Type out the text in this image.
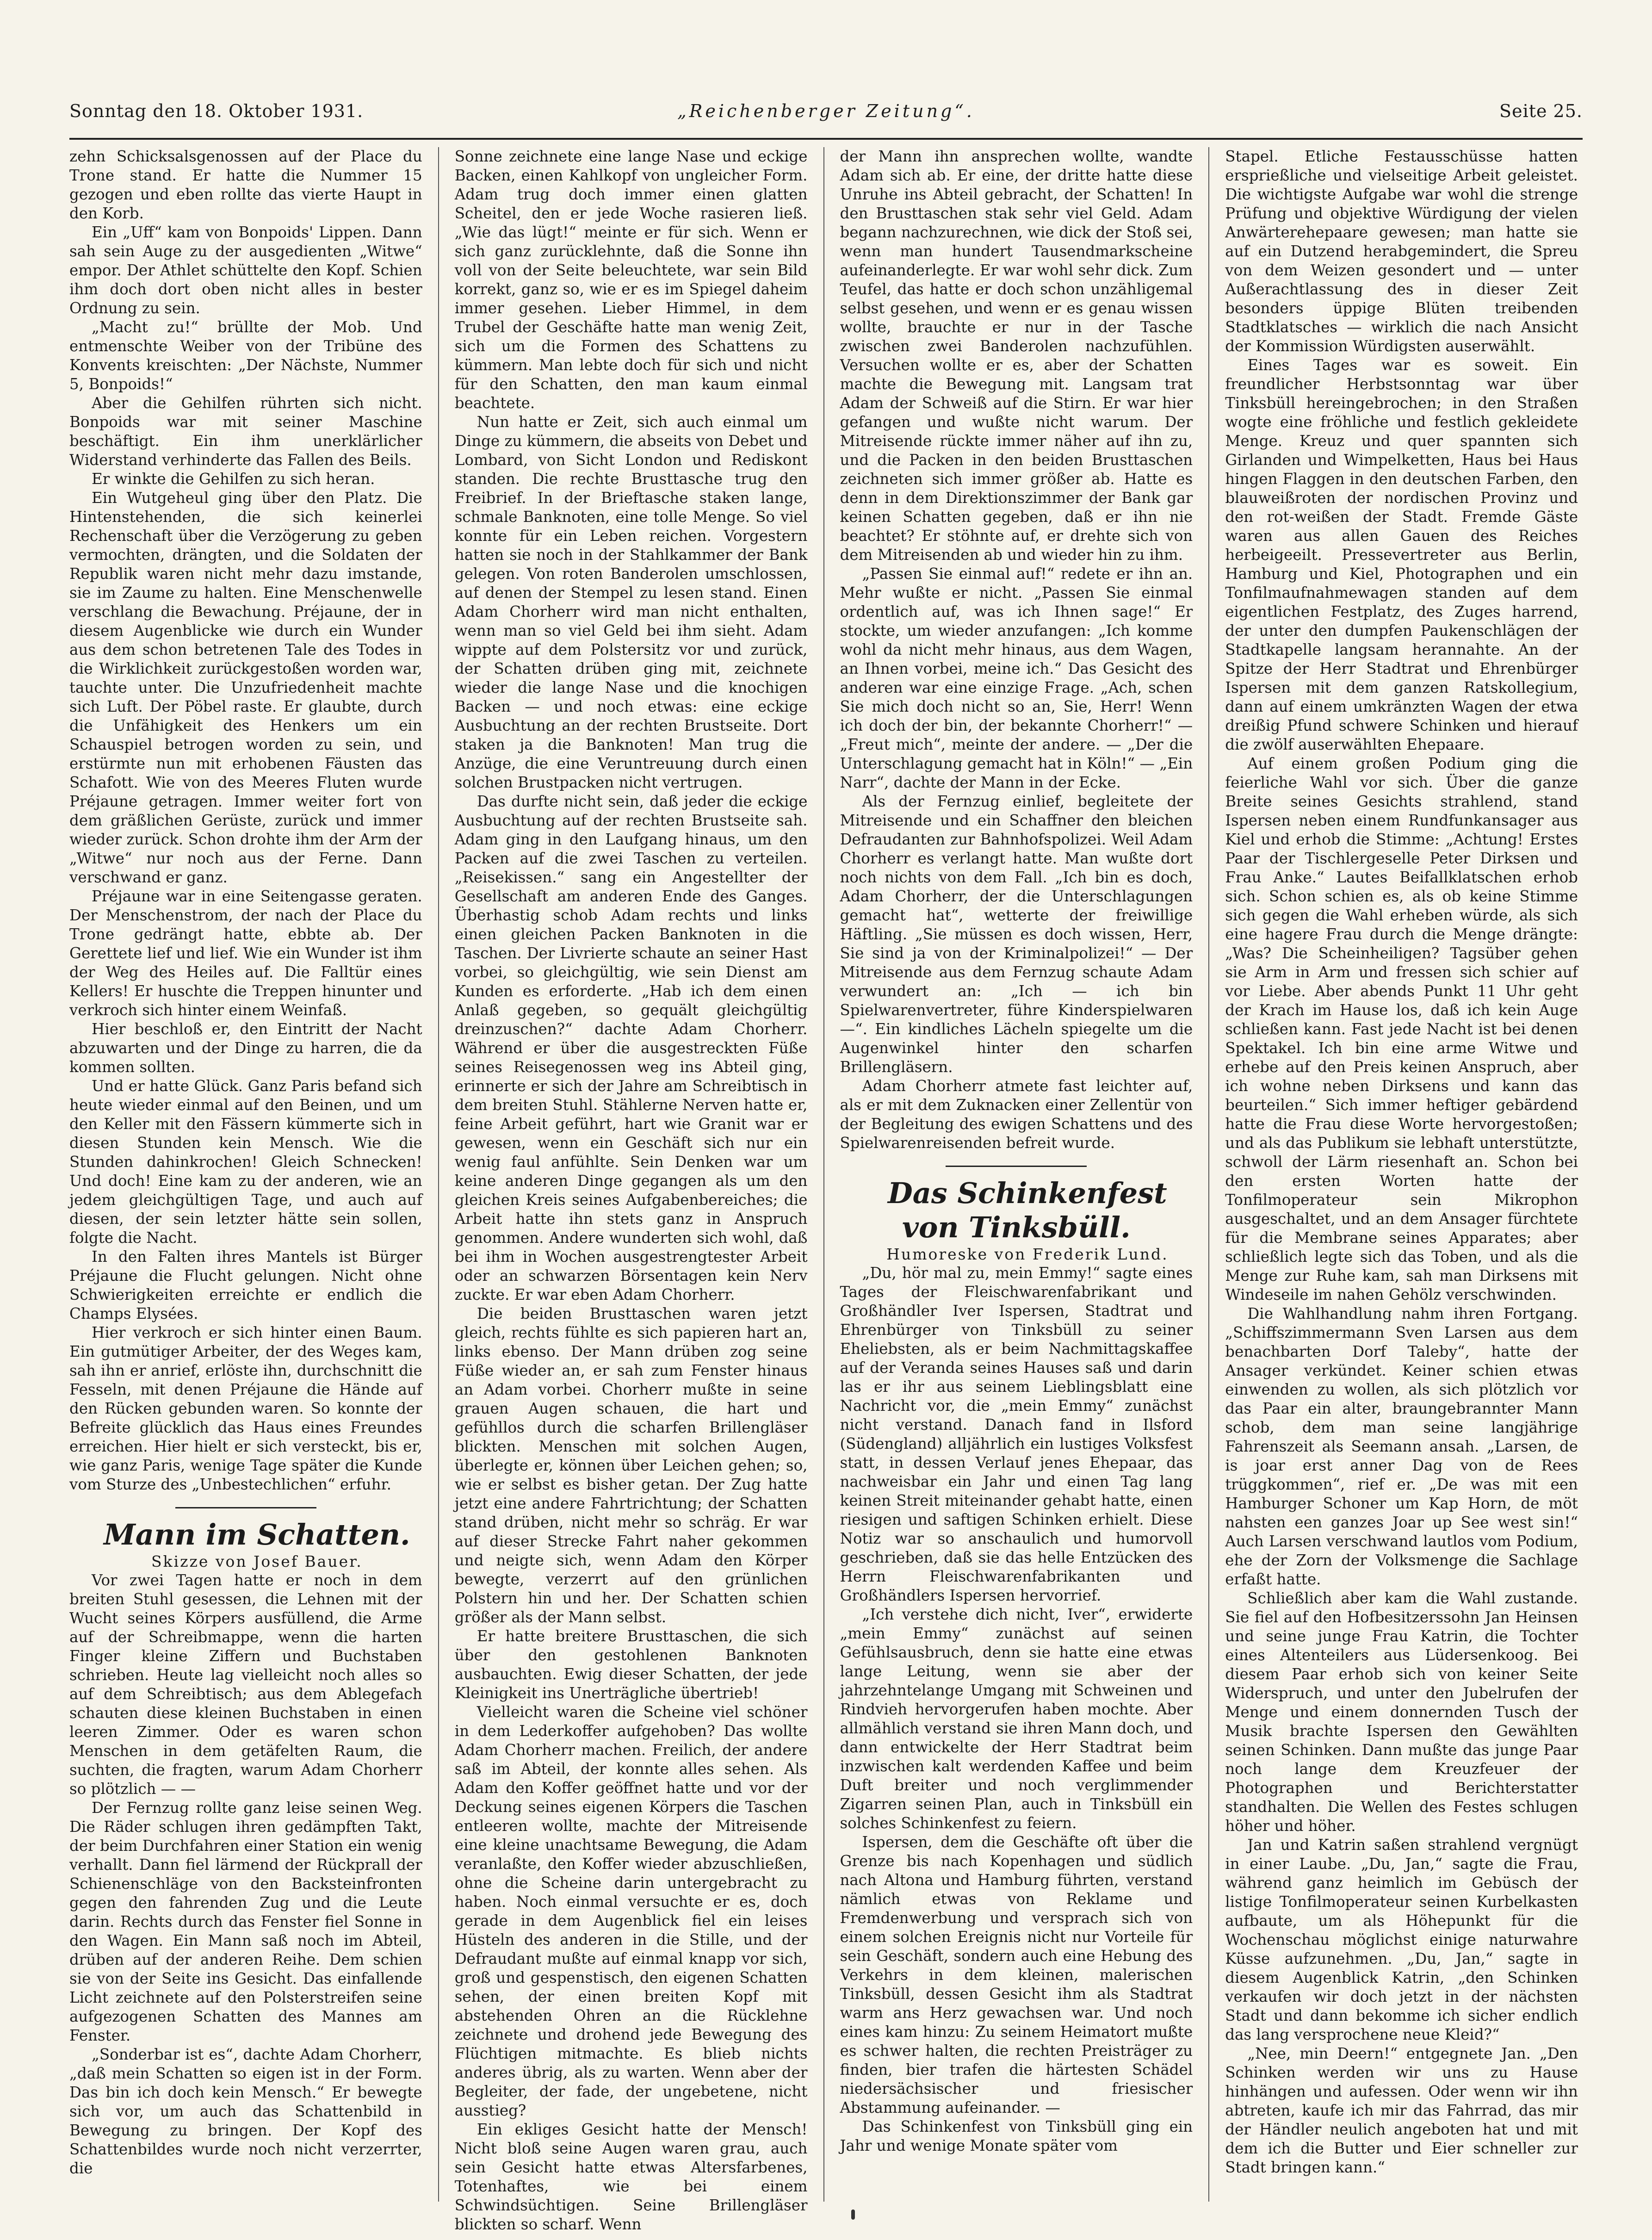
Sonntag den 18. Oktober 1931.	„Reichenberger Zeitung“.	Seite 25.

zehn Schicksalsgenossen auf der Place du Trone stand. Er hatte die Nummer 15 gezogen und eben rollte das vierte Haupt in den Korb.

Ein „Uff“ kam von Bonpoids' Lippen. Dann sah sein Auge zu der ausgedienten „Witwe“ empor. Der Athlet schüttelte den Kopf. Schien ihm doch dort oben nicht alles in bester Ordnung zu sein.

„Macht zu!“ brüllte der Mob. Und entmenschte Weiber von der Tribüne des Konvents kreischten: „Der Nächste, Nummer 5, Bonpoids!“

Aber die Gehilfen rührten sich nicht. Bonpoids war mit seiner Maschine beschäftigt. Ein ihm unerklärlicher Widerstand verhinderte das Fallen des Beils.

Er winkte die Gehilfen zu sich heran.

Ein Wutgeheul ging über den Platz. Die Hintenstehenden, die sich keinerlei Rechenschaft über die Verzögerung zu geben vermochten, drängten, und die Soldaten der Republik waren nicht mehr dazu imstande, sie im Zaume zu halten. Eine Menschenwelle verschlang die Bewachung. Préjaune, der in diesem Augenblicke wie durch ein Wunder aus dem schon betretenen Tale des Todes in die Wirklichkeit zurückgestoßen worden war, tauchte unter. Die Unzufriedenheit machte sich Luft. Der Pöbel raste. Er glaubte, durch die Unfähigkeit des Henkers um ein Schauspiel betrogen worden zu sein, und erstürmte nun mit erhobenen Fäusten das Schafott. Wie von des Meeres Fluten wurde Préjaune getragen. Immer weiter fort von dem gräßlichen Gerüste, zurück und immer wieder zurück. Schon drohte ihm der Arm der „Witwe“ nur noch aus der Ferne. Dann verschwand er ganz.

Préjaune war in eine Seitengasse geraten. Der Menschenstrom, der nach der Place du Trone gedrängt hatte, ebbte ab. Der Gerettete lief und lief. Wie ein Wunder ist ihm der Weg des Heiles auf. Die Falltür eines Kellers! Er huschte die Treppen hinunter und verkroch sich hinter einem Weinfaß.

Hier beschloß er, den Eintritt der Nacht abzuwarten und der Dinge zu harren, die da kommen sollten.

Und er hatte Glück. Ganz Paris befand sich heute wieder einmal auf den Beinen, und um den Keller mit den Fässern kümmerte sich in diesen Stunden kein Mensch. Wie die Stunden dahinkrochen! Gleich Schnecken! Und doch! Eine kam zu der anderen, wie an jedem gleichgültigen Tage, und auch auf diesen, der sein letzter hätte sein sollen, folgte die Nacht.

In den Falten ihres Mantels ist Bürger Préjaune die Flucht gelungen. Nicht ohne Schwierigkeiten erreichte er endlich die Champs Elysées.

Hier verkroch er sich hinter einen Baum. Ein gutmütiger Arbeiter, der des Weges kam, sah ihn er anrief, erlöste ihn, durchschnitt die Fesseln, mit denen Préjaune die Hände auf den Rücken gebunden waren. So konnte der Befreite glücklich das Haus eines Freundes erreichen. Hier hielt er sich versteckt, bis er, wie ganz Paris, wenige Tage später die Kunde vom Sturze des „Unbestechlichen“ erfuhr.

Mann im Schatten.

Skizze von Josef Bauer.

Vor zwei Tagen hatte er noch in dem breiten Stuhl gesessen, die Lehnen mit der Wucht seines Körpers ausfüllend, die Arme auf der Schreibmappe, wenn die harten Finger kleine Ziffern und Buchstaben schrieben. Heute lag vielleicht noch alles so auf dem Schreibtisch; aus dem Ablegefach schauten diese kleinen Buchstaben in einen leeren Zimmer. Oder es waren schon Menschen in dem getäfelten Raum, die suchten, die fragten, warum Adam Chorherr so plötzlich — —

Der Fernzug rollte ganz leise seinen Weg. Die Räder schlugen ihren gedämpften Takt, der beim Durchfahren einer Station ein wenig verhallt. Dann fiel lärmend der Rückprall der Schienenschläge von den Backsteinfronten gegen den fahrenden Zug und die Leute darin. Rechts durch das Fenster fiel Sonne in den Wagen. Ein Mann saß noch im Abteil, drüben auf der anderen Reihe. Dem schien sie von der Seite ins Gesicht. Das einfallende Licht zeichnete auf den Polsterstreifen seine aufgezogenen Schatten des Mannes am Fenster.

„Sonderbar ist es“, dachte Adam Chorherr, „daß mein Schatten so eigen ist in der Form. Das bin ich doch kein Mensch.“ Er bewegte sich vor, um auch das Schattenbild in Bewegung zu bringen. Der Kopf des Schattenbildes wurde noch nicht verzerrter, die

Sonne zeichnete eine lange Nase und eckige Backen, einen Kahlkopf von ungleicher Form. Adam trug doch immer einen glatten Scheitel, den er jede Woche rasieren ließ. „Wie das lügt!“ meinte er für sich. Wenn er sich ganz zurücklehnte, daß die Sonne ihn voll von der Seite beleuchtete, war sein Bild korrekt, ganz so, wie er es im Spiegel daheim immer gesehen. Lieber Himmel, in dem Trubel der Geschäfte hatte man wenig Zeit, sich um die Formen des Schattens zu kümmern. Man lebte doch für sich und nicht für den Schatten, den man kaum einmal beachtete.

Nun hatte er Zeit, sich auch einmal um Dinge zu kümmern, die abseits von Debet und Lombard, von Sicht London und Rediskont standen. Die rechte Brusttasche trug den Freibrief. In der Brieftasche staken lange, schmale Banknoten, eine tolle Menge. So viel konnte für ein Leben reichen. Vorgestern hatten sie noch in der Stahlkammer der Bank gelegen. Von roten Banderolen umschlossen, auf denen der Stempel zu lesen stand. Einen Adam Chorherr wird man nicht enthalten, wenn man so viel Geld bei ihm sieht. Adam wippte auf dem Polstersitz vor und zurück, der Schatten drüben ging mit, zeichnete wieder die lange Nase und die knochigen Backen — und noch etwas: eine eckige Ausbuchtung an der rechten Brustseite. Dort staken ja die Banknoten! Man trug die Anzüge, die eine Veruntreuung durch einen solchen Brustpacken nicht vertrugen.

Das durfte nicht sein, daß jeder die eckige Ausbuchtung auf der rechten Brustseite sah. Adam ging in den Laufgang hinaus, um den Packen auf die zwei Taschen zu verteilen. „Reisekissen.“ sang ein Angestellter der Gesellschaft am anderen Ende des Ganges. Überhastig schob Adam rechts und links einen gleichen Packen Banknoten in die Taschen. Der Livrierte schaute an seiner Hast vorbei, so gleichgültig, wie sein Dienst am Kunden es erforderte. „Hab ich dem einen Anlaß gegeben, so gequält gleichgültig dreinzuschen?“ dachte Adam Chorherr. Während er über die ausgestreckten Füße seines Reisegenossen weg ins Abteil ging, erinnerte er sich der Jahre am Schreibtisch in dem breiten Stuhl. Stählerne Nerven hatte er, feine Arbeit geführt, hart wie Granit war er gewesen, wenn ein Geschäft sich nur ein wenig faul anfühlte. Sein Denken war um keine anderen Dinge gegangen als um den gleichen Kreis seines Aufgabenbereiches; die Arbeit hatte ihn stets ganz in Anspruch genommen. Andere wunderten sich wohl, daß bei ihm in Wochen ausgestrengtester Arbeit oder an schwarzen Börsentagen kein Nerv zuckte. Er war eben Adam Chorherr.

Die beiden Brusttaschen waren jetzt gleich, rechts fühlte es sich papieren hart an, links ebenso. Der Mann drüben zog seine Füße wieder an, er sah zum Fenster hinaus an Adam vorbei. Chorherr mußte in seine grauen Augen schauen, die hart und gefühllos durch die scharfen Brillengläser blickten. Menschen mit solchen Augen, überlegte er, können über Leichen gehen; so, wie er selbst es bisher getan. Der Zug hatte jetzt eine andere Fahrtrichtung; der Schatten stand drüben, nicht mehr so schräg. Er war auf dieser Strecke Fahrt naher gekommen und neigte sich, wenn Adam den Körper bewegte, verzerrt auf den grünlichen Polstern hin und her. Der Schatten schien größer als der Mann selbst.

Er hatte breitere Brusttaschen, die sich über den gestohlenen Banknoten ausbauchten. Ewig dieser Schatten, der jede Kleinigkeit ins Unerträgliche übertrieb!

Vielleicht waren die Scheine viel schöner in dem Lederkoffer aufgehoben? Das wollte Adam Chorherr machen. Freilich, der andere saß im Abteil, der konnte alles sehen. Als Adam den Koffer geöffnet hatte und vor der Deckung seines eigenen Körpers die Taschen entleeren wollte, machte der Mitreisende eine kleine unachtsame Bewegung, die Adam veranlaßte, den Koffer wieder abzuschließen, ohne die Scheine darin untergebracht zu haben. Noch einmal versuchte er es, doch gerade in dem Augenblick fiel ein leises Hüsteln des anderen in die Stille, und der Defraudant mußte auf einmal knapp vor sich, groß und gespenstisch, den eigenen Schatten sehen, der einen breiten Kopf mit abstehenden Ohren an die Rücklehne zeichnete und drohend jede Bewegung des Flüchtigen mitmachte. Es blieb nichts anderes übrig, als zu warten. Wenn aber der Begleiter, der fade, der ungebetene, nicht ausstieg?

Ein ekliges Gesicht hatte der Mensch! Nicht bloß seine Augen waren grau, auch sein Gesicht hatte etwas Altersfarbenes, Totenhaftes, wie bei einem Schwindsüchtigen. Seine Brillengläser blickten so scharf. Wenn

der Mann ihn ansprechen wollte, wandte Adam sich ab. Er eine, der dritte hatte diese Unruhe ins Abteil gebracht, der Schatten! In den Brusttaschen stak sehr viel Geld. Adam begann nachzurechnen, wie dick der Stoß sei, wenn man hundert Tausendmarkscheine aufeinanderlegte. Er war wohl sehr dick. Zum Teufel, das hatte er doch schon unzähligemal selbst gesehen, und wenn er es genau wissen wollte, brauchte er nur in der Tasche zwischen zwei Banderolen nachzufühlen. Versuchen wollte er es, aber der Schatten machte die Bewegung mit. Langsam trat Adam der Schweiß auf die Stirn. Er war hier gefangen und wußte nicht warum. Der Mitreisende rückte immer näher auf ihn zu, und die Packen in den beiden Brusttaschen zeichneten sich immer größer ab. Hatte es denn in dem Direktionszimmer der Bank gar keinen Schatten gegeben, daß er ihn nie beachtet? Er stöhnte auf, er drehte sich von dem Mitreisenden ab und wieder hin zu ihm.

„Passen Sie einmal auf!“ redete er ihn an. Mehr wußte er nicht. „Passen Sie einmal ordentlich auf, was ich Ihnen sage!“ Er stockte, um wieder anzufangen: „Ich komme wohl da nicht mehr hinaus, aus dem Wagen, an Ihnen vorbei, meine ich.“ Das Gesicht des anderen war eine einzige Frage. „Ach, schen Sie mich doch nicht so an, Sie, Herr! Wenn ich doch der bin, der bekannte Chorherr!“ — „Freut mich“, meinte der andere. — „Der die Unterschlagung gemacht hat in Köln!“ — „Ein Narr“, dachte der Mann in der Ecke.

Als der Fernzug einlief, begleitete der Mitreisende und ein Schaffner den bleichen Defraudanten zur Bahnhofspolizei. Weil Adam Chorherr es verlangt hatte. Man wußte dort noch nichts von dem Fall. „Ich bin es doch, Adam Chorherr, der die Unterschlagungen gemacht hat“, wetterte der freiwillige Häftling. „Sie müssen es doch wissen, Herr, Sie sind ja von der Kriminalpolizei!“ — Der Mitreisende aus dem Fernzug schaute Adam verwundert an: „Ich — ich bin Spielwarenvertreter, führe Kinderspielwaren —“. Ein kindliches Lächeln spiegelte um die Augenwinkel hinter den scharfen Brillengläsern.

Adam Chorherr atmete fast leichter auf, als er mit dem Zuknacken einer Zellentür von der Begleitung des ewigen Schattens und des Spielwarenreisenden befreit wurde.

Das Schinkenfest von Tinksbüll.

Humoreske von Frederik Lund.

„Du, hör mal zu, mein Emmy!“ sagte eines Tages der Fleischwarenfabrikant und Großhändler Iver Ispersen, Stadtrat und Ehrenbürger von Tinksbüll zu seiner Eheliebsten, als er beim Nachmittagskaffee auf der Veranda seines Hauses saß und darin las er ihr aus seinem Lieblingsblatt eine Nachricht vor, die „mein Emmy“ zunächst nicht verstand. Danach fand in Ilsford (Südengland) alljährlich ein lustiges Volksfest statt, in dessen Verlauf jenes Ehepaar, das nachweisbar ein Jahr und einen Tag lang keinen Streit miteinander gehabt hatte, einen riesigen und saftigen Schinken erhielt. Diese Notiz war so anschaulich und humorvoll geschrieben, daß sie das helle Entzücken des Herrn Fleischwarenfabrikanten und Großhändlers Ispersen hervorrief.

„Ich verstehe dich nicht, Iver“, erwiderte „mein Emmy“ zunächst auf seinen Gefühlsausbruch, denn sie hatte eine etwas lange Leitung, wenn sie aber der jahrzehntelange Umgang mit Schweinen und Rindvieh hervorgerufen haben mochte. Aber allmählich verstand sie ihren Mann doch, und dann entwickelte der Herr Stadtrat beim inzwischen kalt werdenden Kaffee und beim Duft breiter und noch verglimmender Zigarren seinen Plan, auch in Tinksbüll ein solches Schinkenfest zu feiern.

Ispersen, dem die Geschäfte oft über die Grenze bis nach Kopenhagen und südlich nach Altona und Hamburg führten, verstand nämlich etwas von Reklame und Fremdenwerbung und versprach sich von einem solchen Ereignis nicht nur Vorteile für sein Geschäft, sondern auch eine Hebung des Verkehrs in dem kleinen, malerischen Tinksbüll, dessen Gesicht ihm als Stadtrat warm ans Herz gewachsen war. Und noch eines kam hinzu: Zu seinem Heimatort mußte es schwer halten, die rechten Preisträger zu finden, bier trafen die härtesten Schädel niedersächsischer und friesischer Abstammung aufeinander. —

Das Schinkenfest von Tinksbüll ging ein Jahr und wenige Monate später vom

Stapel. Etliche Festausschüsse hatten ersprießliche und vielseitige Arbeit geleistet. Die wichtigste Aufgabe war wohl die strenge Prüfung und objektive Würdigung der vielen Anwärterehepaare gewesen; man hatte sie auf ein Dutzend herabgemindert, die Spreu von dem Weizen gesondert und — unter Außerachtlassung des in dieser Zeit besonders üppige Blüten treibenden Stadtklatsches — wirklich die nach Ansicht der Kommission Würdigsten auserwählt.

Eines Tages war es soweit. Ein freundlicher Herbstsonntag war über Tinksbüll hereingebrochen; in den Straßen wogte eine fröhliche und festlich gekleidete Menge. Kreuz und quer spannten sich Girlanden und Wimpelketten, Haus bei Haus hingen Flaggen in den deutschen Farben, den blauweißroten der nordischen Provinz und den rot-weißen der Stadt. Fremde Gäste waren aus allen Gauen des Reiches herbeigeeilt. Pressevertreter aus Berlin, Hamburg und Kiel, Photographen und ein Tonfilmaufnahmewagen standen auf dem eigentlichen Festplatz, des Zuges harrend, der unter den dumpfen Paukenschlägen der Stadtkapelle langsam herannahte. An der Spitze der Herr Stadtrat und Ehrenbürger Ispersen mit dem ganzen Ratskollegium, dann auf einem umkränzten Wagen der etwa dreißig Pfund schwere Schinken und hierauf die zwölf auserwählten Ehepaare.

Auf einem großen Podium ging die feierliche Wahl vor sich. Über die ganze Breite seines Gesichts strahlend, stand Ispersen neben einem Rundfunkansager aus Kiel und erhob die Stimme: „Achtung! Erstes Paar der Tischlergeselle Peter Dirksen und Frau Anke.“ Lautes Beifallklatschen erhob sich. Schon schien es, als ob keine Stimme sich gegen die Wahl erheben würde, als sich eine hagere Frau durch die Menge drängte: „Was? Die Scheinheiligen? Tagsüber gehen sie Arm in Arm und fressen sich schier auf vor Liebe. Aber abends Punkt 11 Uhr geht der Krach im Hause los, daß ich kein Auge schließen kann. Fast jede Nacht ist bei denen Spektakel. Ich bin eine arme Witwe und erhebe auf den Preis keinen Anspruch, aber ich wohne neben Dirksens und kann das beurteilen.“ Sich immer heftiger gebärdend hatte die Frau diese Worte hervorgestoßen; und als das Publikum sie lebhaft unterstützte, schwoll der Lärm riesenhaft an. Schon bei den ersten Worten hatte der Tonfilmoperateur sein Mikrophon ausgeschaltet, und an dem Ansager fürchtete für die Membrane seines Apparates; aber schließlich legte sich das Toben, und als die Menge zur Ruhe kam, sah man Dirksens mit Windeseile im nahen Gehölz verschwinden.

Die Wahlhandlung nahm ihren Fortgang. „Schiffszimmermann Sven Larsen aus dem benachbarten Dorf Taleby“, hatte der Ansager verkündet. Keiner schien etwas einwenden zu wollen, als sich plötzlich vor das Paar ein alter, braungebrannter Mann schob, dem man seine langjährige Fahrenszeit als Seemann ansah. „Larsen, de is joar erst anner Dag von de Rees trüggkommen“, rief er. „De was mit een Hamburger Schoner um Kap Horn, de möt nahsten een ganzes Joar up See west sin!“ Auch Larsen verschwand lautlos vom Podium, ehe der Zorn der Volksmenge die Sachlage erfaßt hatte.

Schließlich aber kam die Wahl zustande. Sie fiel auf den Hofbesitzerssohn Jan Heinsen und seine junge Frau Katrin, die Tochter eines Altenteilers aus Lüdersenkoog. Bei diesem Paar erhob sich von keiner Seite Widerspruch, und unter den Jubelrufen der Menge und einem donnernden Tusch der Musik brachte Ispersen den Gewählten seinen Schinken. Dann mußte das junge Paar noch lange dem Kreuzfeuer der Photographen und Berichterstatter standhalten. Die Wellen des Festes schlugen höher und höher.

Jan und Katrin saßen strahlend vergnügt in einer Laube. „Du, Jan,“ sagte die Frau, während ganz heimlich im Gebüsch der listige Tonfilmoperateur seinen Kurbelkasten aufbaute, um als Höhepunkt für die Wochenschau möglichst einige naturwahre Küsse aufzunehmen. „Du, Jan,“ sagte in diesem Augenblick Katrin, „den Schinken verkaufen wir doch jetzt in der nächsten Stadt und dann bekomme ich sicher endlich das lang versprochene neue Kleid?“

„Nee, min Deern!“ entgegnete Jan. „Den Schinken werden wir uns zu Hause hinhängen und aufessen. Oder wenn wir ihn abtreten, kaufe ich mir das Fahrrad, das mir der Händler neulich angeboten hat und mit dem ich die Butter und Eier schneller zur Stadt bringen kann.“
